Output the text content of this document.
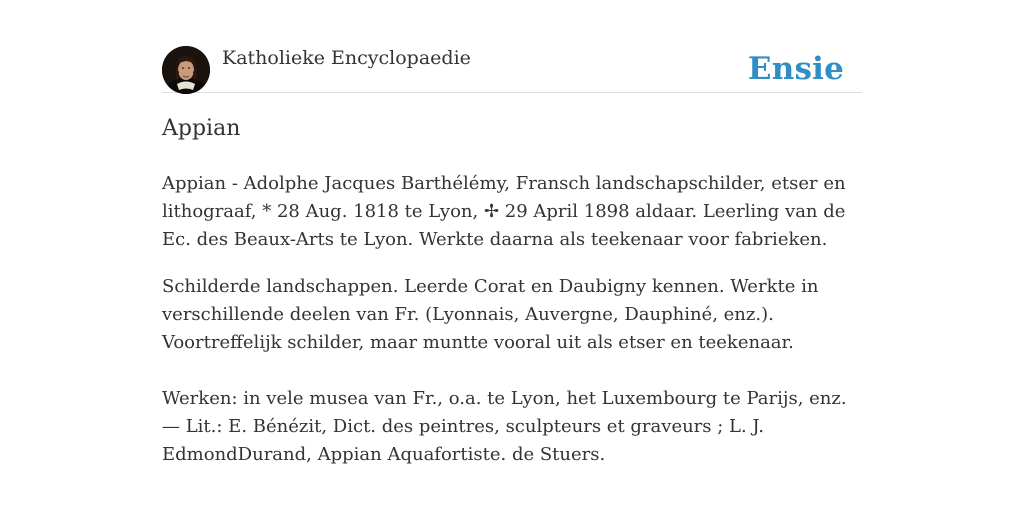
Katholieke Encyclopaedie	Ensie
Appian

Appian - Adolphe Jacques Barthélémy, Fransch landschapschilder, etser en lithograaf, * 28 Aug. 1818 te Lyon, ✢ 29 April 1898 aldaar. Leerling van de Ec. des Beaux-Arts te Lyon. Werkte daarna als teekenaar voor fabrieken.

Schilderde landschappen. Leerde Corat en Daubigny kennen. Werkte in verschillende deelen van Fr. (Lyonnais, Auvergne, Dauphiné, enz.). Voortreffelijk schilder, maar muntte vooral uit als etser en teekenaar.
Werken: in vele musea van Fr., o.a. te Lyon, het Luxembourg te Parijs, enz. — Lit.: E. Bénézit, Dict. des peintres, sculpteurs et graveurs ; L. J. EdmondDurand, Appian Aquafortiste. de Stuers.
